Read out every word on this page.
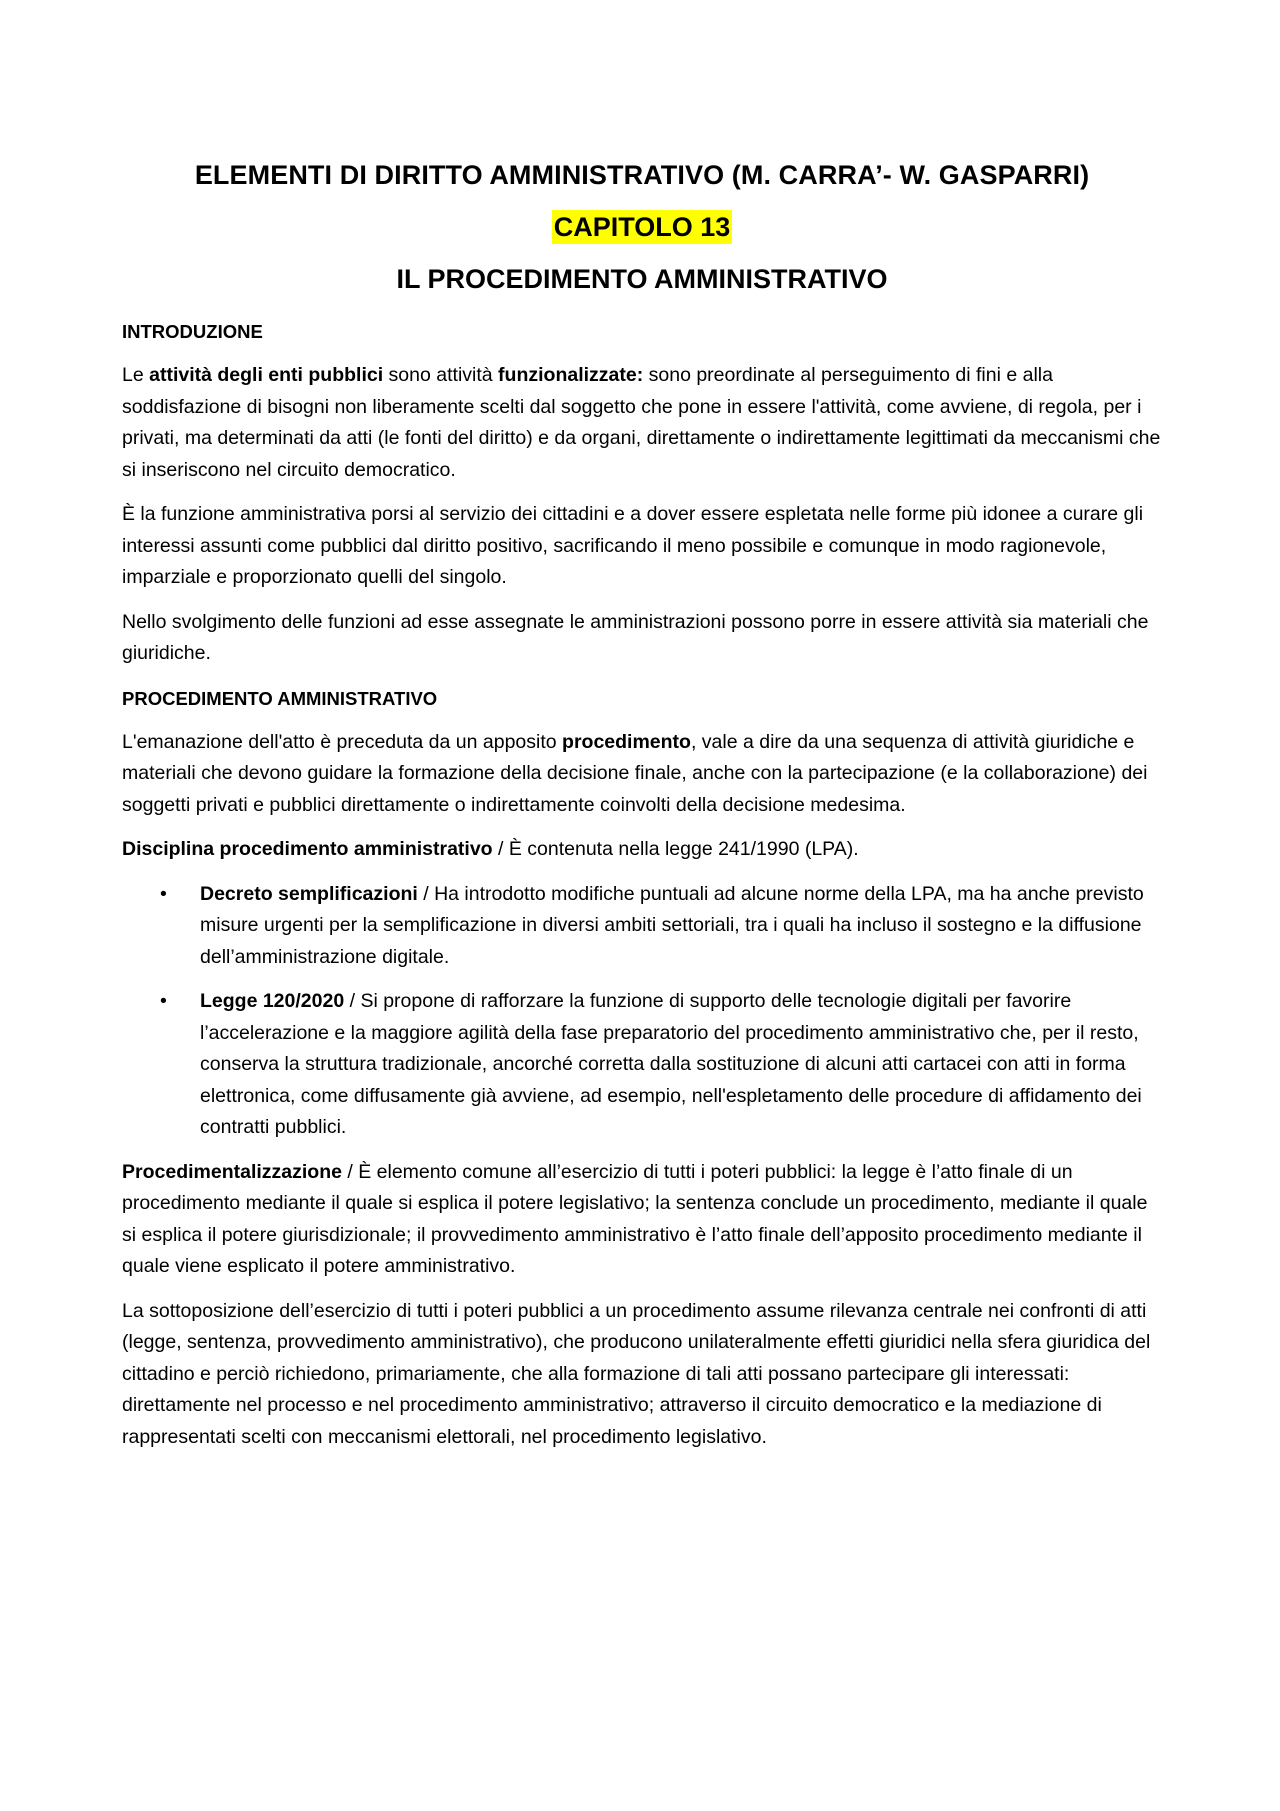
ELEMENTI DI DIRITTO AMMINISTRATIVO (M. CARRA’- W. GASPARRI)
CAPITOLO 13
IL PROCEDIMENTO AMMINISTRATIVO
INTRODUZIONE

Le attività degli enti pubblici sono attività funzionalizzate: sono preordinate al perseguimento di fini e alla soddisfazione di bisogni non liberamente scelti dal soggetto che pone in essere l'attività, come avviene, di regola, per i privati, ma determinati da atti (le fonti del diritto) e da organi, direttamente o indirettamente legittimati da meccanismi che si inseriscono nel circuito democratico.

È la funzione amministrativa porsi al servizio dei cittadini e a dover essere espletata nelle forme più idonee a curare gli interessi assunti come pubblici dal diritto positivo, sacrificando il meno possibile e comunque in modo ragionevole, imparziale e proporzionato quelli del singolo.

Nello svolgimento delle funzioni ad esse assegnate le amministrazioni possono porre in essere attività sia materiali che giuridiche.

PROCEDIMENTO AMMINISTRATIVO

L'emanazione dell'atto è preceduta da un apposito procedimento, vale a dire da una sequenza di attività giuridiche e materiali che devono guidare la formazione della decisione finale, anche con la partecipazione (e la collaborazione) dei soggetti privati e pubblici direttamente o indirettamente coinvolti della decisione medesima.

Disciplina procedimento amministrativo / È contenuta nella legge 241/1990 (LPA).

• Decreto semplificazioni / Ha introdotto modifiche puntuali ad alcune norme della LPA, ma ha anche previsto misure urgenti per la semplificazione in diversi ambiti settoriali, tra i quali ha incluso il sostegno e la diffusione dell’amministrazione digitale.
• Legge 120/2020 / Si propone di rafforzare la funzione di supporto delle tecnologie digitali per favorire l’accelerazione e la maggiore agilità della fase preparatorio del procedimento amministrativo che, per il resto, conserva la struttura tradizionale, ancorché corretta dalla sostituzione di alcuni atti cartacei con atti in forma elettronica, come diffusamente già avviene, ad esempio, nell'espletamento delle procedure di affidamento dei contratti pubblici.

Procedimentalizzazione / È elemento comune all’esercizio di tutti i poteri pubblici: la legge è l’atto finale di un procedimento mediante il quale si esplica il potere legislativo; la sentenza conclude un procedimento, mediante il quale si esplica il potere giurisdizionale; il provvedimento amministrativo è l’atto finale dell’apposito procedimento mediante il quale viene esplicato il potere amministrativo.

La sottoposizione dell’esercizio di tutti i poteri pubblici a un procedimento assume rilevanza centrale nei confronti di atti (legge, sentenza, provvedimento amministrativo), che producono unilateralmente effetti giuridici nella sfera giuridica del cittadino e perciò richiedono, primariamente, che alla formazione di tali atti possano partecipare gli interessati: direttamente nel processo e nel procedimento amministrativo; attraverso il circuito democratico e la mediazione di rappresentati scelti con meccanismi elettorali, nel procedimento legislativo.
